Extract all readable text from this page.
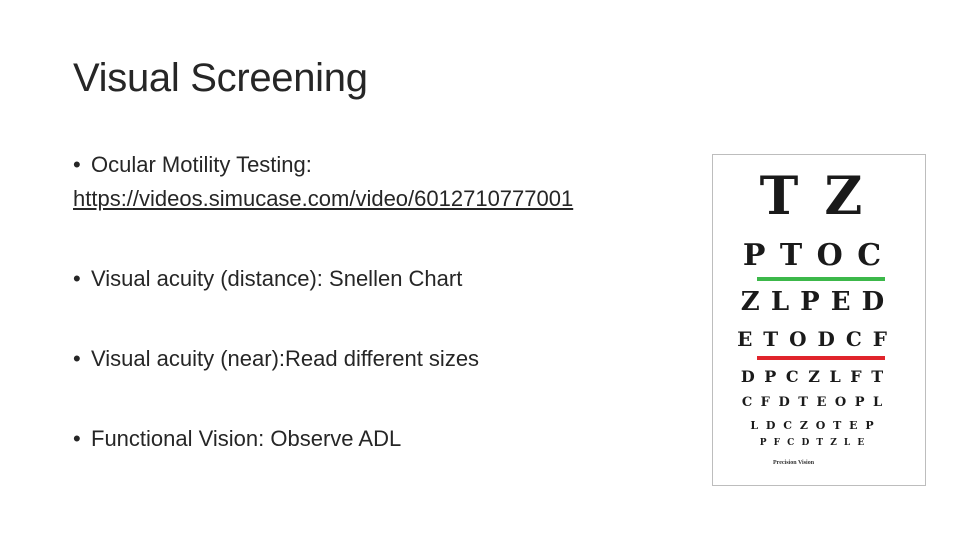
Visual Screening
• Ocular Motility Testing:
https://videos.simucase.com/video/6012710777001
• Visual acuity (distance): Snellen Chart
• Visual acuity (near):Read different sizes
• Functional Vision: Observe ADL
T Z
P T O C
Z L P E D
E T O D C F
D P C Z L F T
C F D T E O P L
L D C Z O T E P
P F C D T Z L E
Precision Vision
